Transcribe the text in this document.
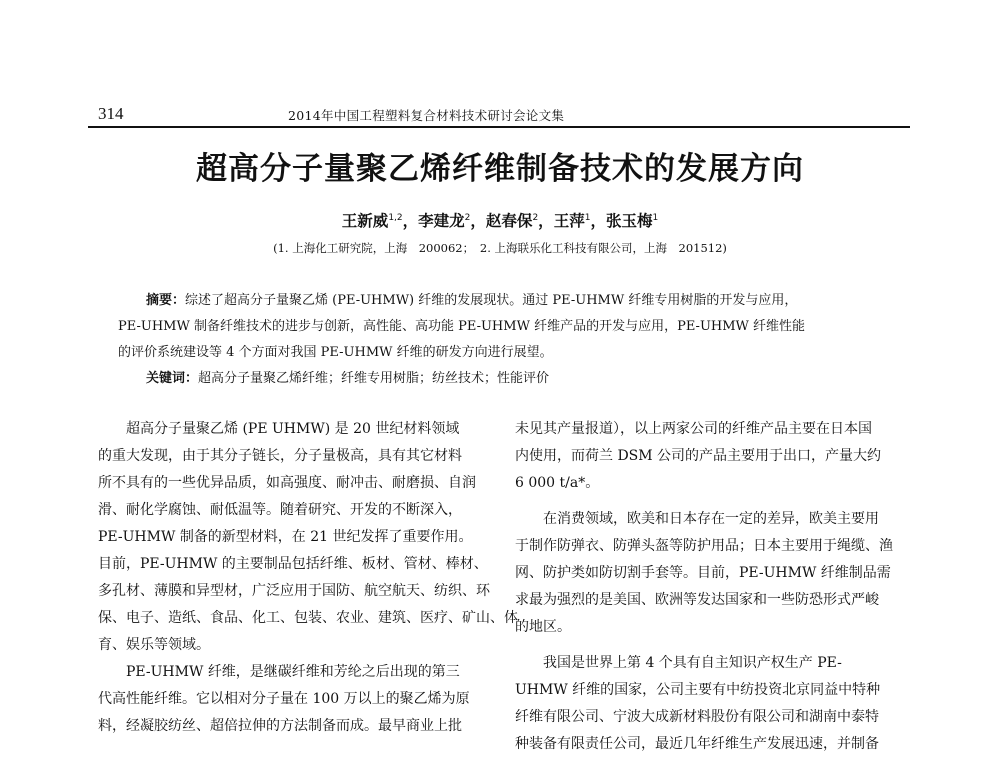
314	2014年中国工程塑料复合材料技术研讨会论文集
超高分子量聚乙烯纤维制备技术的发展方向
王新威$^{1,2}$，李建龙$^2$，赵春保$^2$，王萍$^1$，张玉梅$^1$
(1. 上海化工研究院，上海　200062；　2. 上海联乐化工科技有限公司，上海　201512)
摘要：综述了超高分子量聚乙烯 (PE-UHMW) 纤维的发展现状。通过 PE-UHMW 纤维专用树脂的开发与应用，
PE-UHMW 制备纤维技术的进步与创新，高性能、高功能 PE-UHMW 纤维产品的开发与应用，PE-UHMW 纤维性能
的评价系统建设等 4 个方面对我国 PE-UHMW 纤维的研发方向进行展望。
关键词：超高分子量聚乙烯纤维；纤维专用树脂；纺丝技术；性能评价
超高分子量聚乙烯 (PE UHMW) 是 20 世纪材料领域
的重大发现，由于其分子链长，分子量极高，具有其它材料
所不具有的一些优异品质，如高强度、耐冲击、耐磨损、自润
滑、耐化学腐蚀、耐低温等。随着研究、开发的不断深入，
PE-UHMW 制备的新型材料，在 21 世纪发挥了重要作用。
目前，PE-UHMW 的主要制品包括纤维、板材、管材、棒材、
多孔材、薄膜和异型材，广泛应用于国防、航空航天、纺织、环
保、电子、造纸、食品、化工、包装、农业、建筑、医疗、矿山、体
育、娱乐等领域。
PE-UHMW 纤维，是继碳纤维和芳纶之后出现的第三
代高性能纤维。它以相对分子量在 100 万以上的聚乙烯为原
料，经凝胶纺丝、超倍拉伸的方法制备而成。最早商业上批
未见其产量报道），以上两家公司的纤维产品主要在日本国
内使用，而荷兰 DSM 公司的产品主要用于出口，产量大约
6 000 t/a*。
在消费领域，欧美和日本存在一定的差异，欧美主要用
于制作防弹衣、防弹头盔等防护用品；日本主要用于绳缆、渔
网、防护类如防切割手套等。目前，PE-UHMW 纤维制品需
求最为强烈的是美国、欧洲等发达国家和一些防恐形式严峻
的地区。
我国是世界上第 4 个具有自主知识产权生产 PE-
UHMW 纤维的国家，公司主要有中纺投资北京同益中特种
纤维有限公司、宁波大成新材料股份有限公司和湖南中泰特
种装备有限责任公司，最近几年纤维生产发展迅速，并制备
